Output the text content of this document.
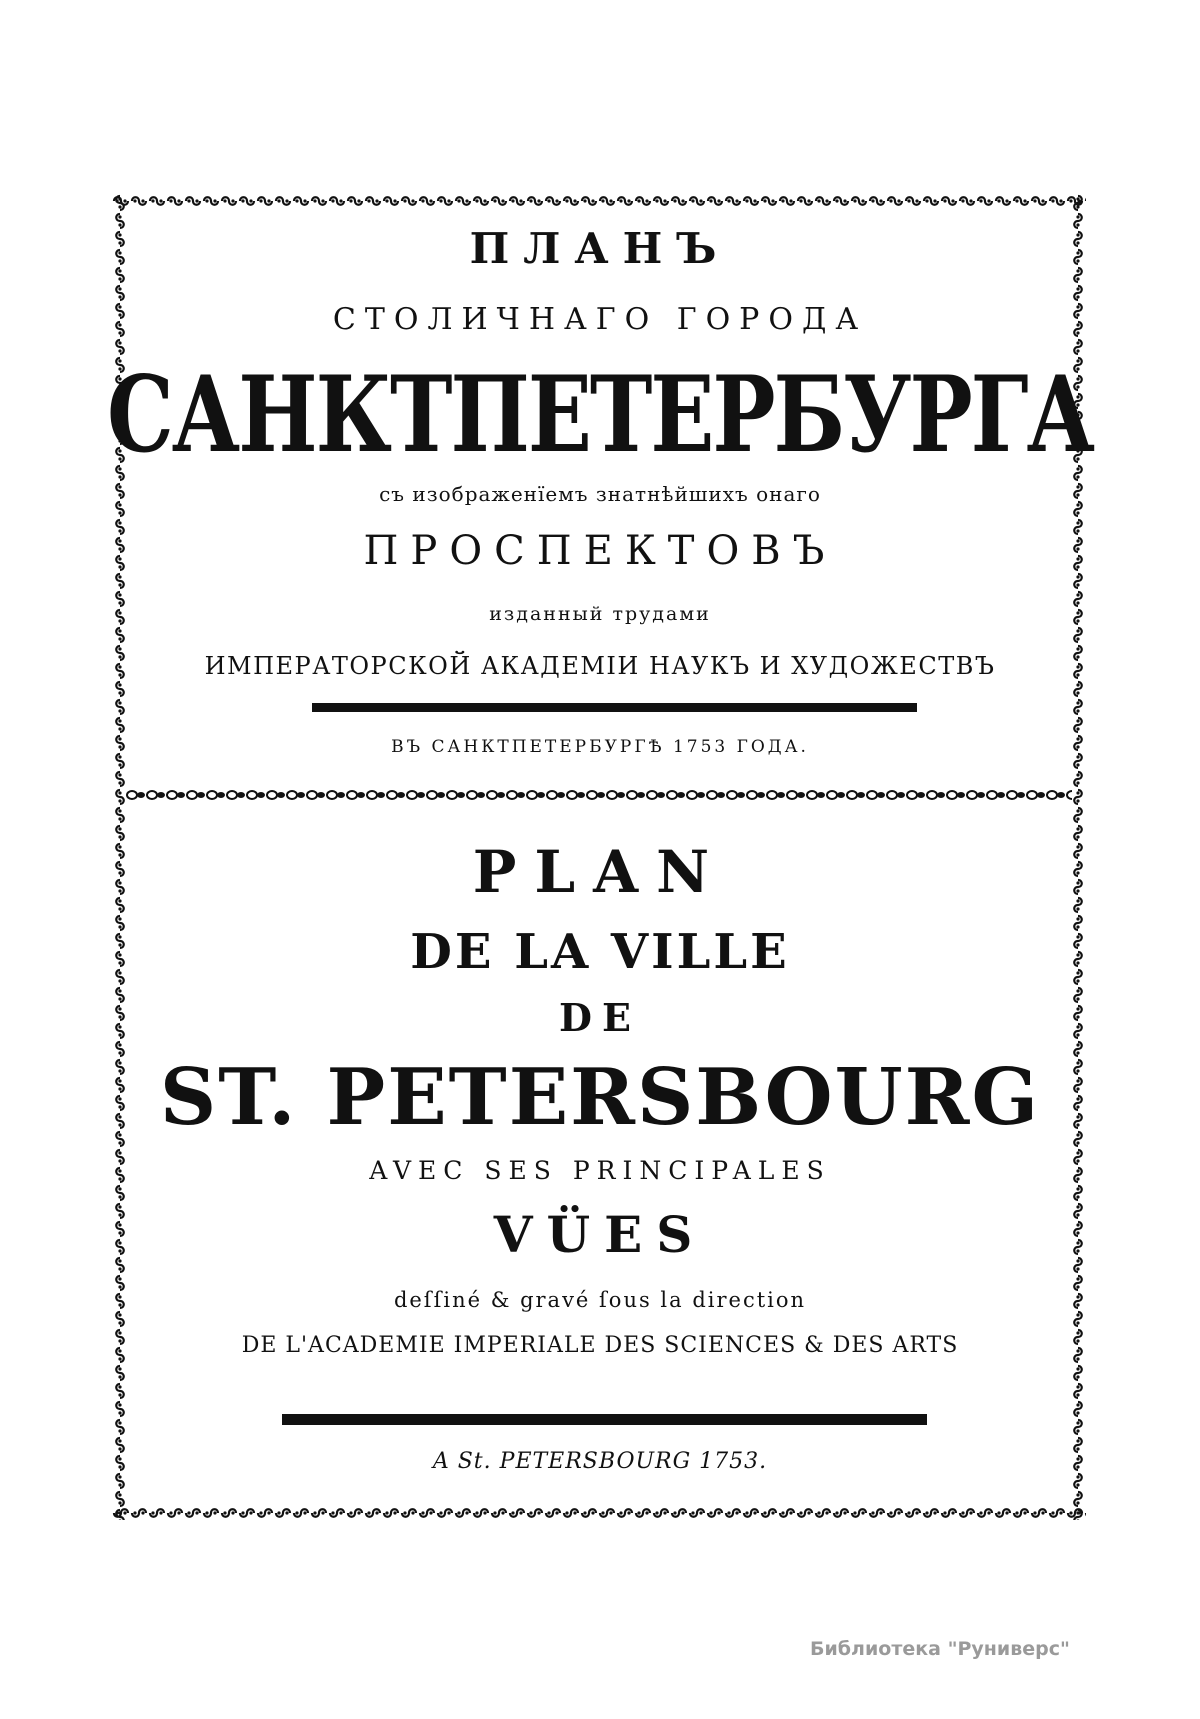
ПЛАНЪ
СТОЛИЧНАГО ГОРОДА
САНКТПЕТЕРБУРГА
съ изображенїемъ знатнѣйшихъ онаго
ПРОСПЕКТОВЪ
изданный трудами
ИМПЕРАТОРСКОЙ АКАДЕМIИ НАУКЪ И ХУДОЖЕСТВЪ
ВЪ САНКТПЕТЕРБУРГѢ 1753 ГОДА.
PLAN
DE LA VILLE
DE
ST. PETERSBOURG
AVEC SES PRINCIPALES
VÜES
deſſiné & gravé ſous la direction
DE L'ACADEMIE IMPERIALE DES SCIENCES & DES ARTS
A St. PETERSBOURG 1753.
Библиотека "Руниверс"
